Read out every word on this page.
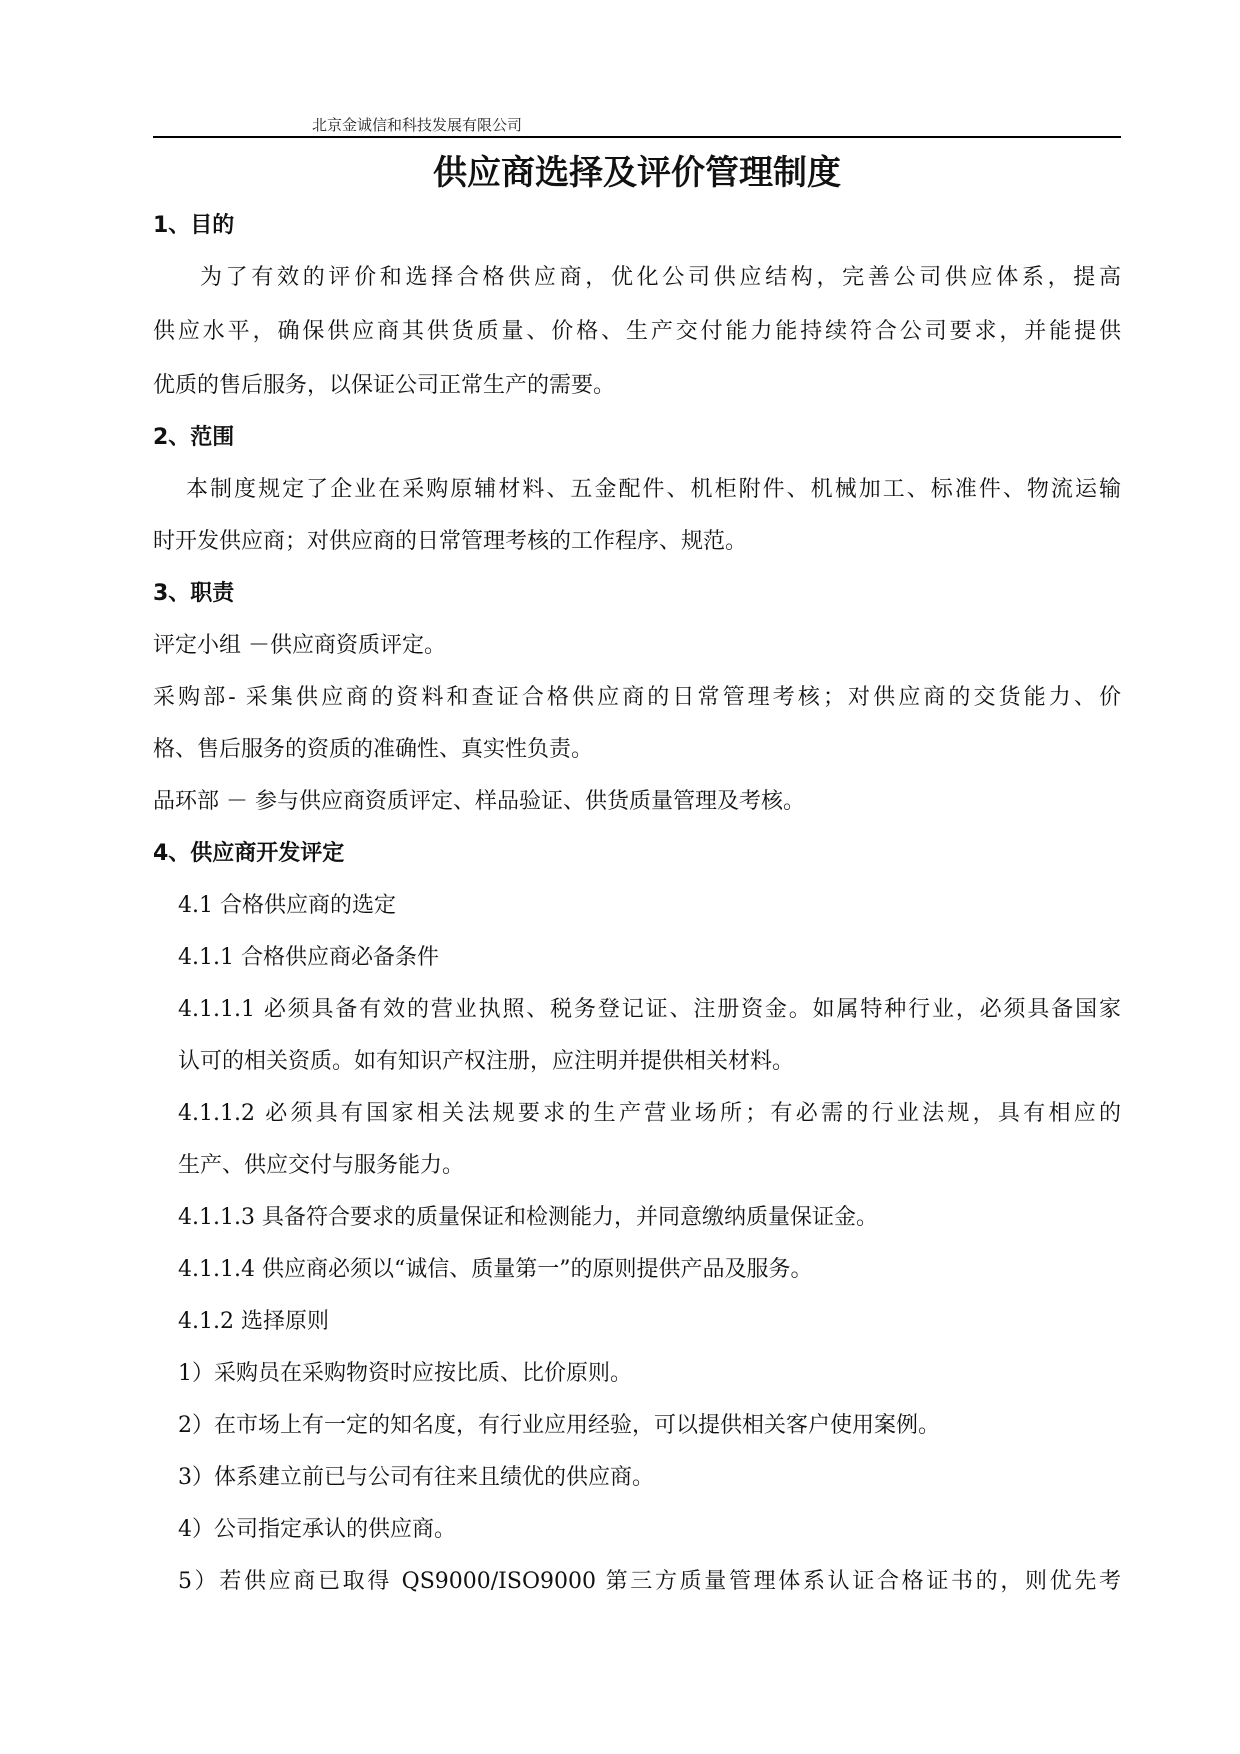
北京金诚信和科技发展有限公司
供应商选择及评价管理制度
1、目的
为了有效的评价和选择合格供应商，优化公司供应结构，完善公司供应体系，提高
供应水平，确保供应商其供货质量、价格、生产交付能力能持续符合公司要求，并能提供
优质的售后服务，以保证公司正常生产的需要。
2、范围
本制度规定了企业在采购原辅材料、五金配件、机柜附件、机械加工、标准件、物流运输
时开发供应商；对供应商的日常管理考核的工作程序、规范。
3、职责
评定小组 －供应商资质评定。
采购部- 采集供应商的资料和查证合格供应商的日常管理考核；对供应商的交货能力、价
格、售后服务的资质的准确性、真实性负责。
品环部 － 参与供应商资质评定、样品验证、供货质量管理及考核。
4、供应商开发评定
4.1 合格供应商的选定
4.1.1 合格供应商必备条件
4.1.1.1 必须具备有效的营业执照、税务登记证、注册资金。如属特种行业，必须具备国家
认可的相关资质。如有知识产权注册，应注明并提供相关材料。
4.1.1.2 必须具有国家相关法规要求的生产营业场所；有必需的行业法规，具有相应的
生产、供应交付与服务能力。
4.1.1.3 具备符合要求的质量保证和检测能力，并同意缴纳质量保证金。
4.1.1.4 供应商必须以“诚信、质量第一”的原则提供产品及服务。
4.1.2 选择原则
1）采购员在采购物资时应按比质、比价原则。
2）在市场上有一定的知名度，有行业应用经验，可以提供相关客户使用案例。
3）体系建立前已与公司有往来且绩优的供应商。
4）公司指定承认的供应商。
5）若供应商已取得 QS9000/ISO9000 第三方质量管理体系认证合格证书的，则优先考
